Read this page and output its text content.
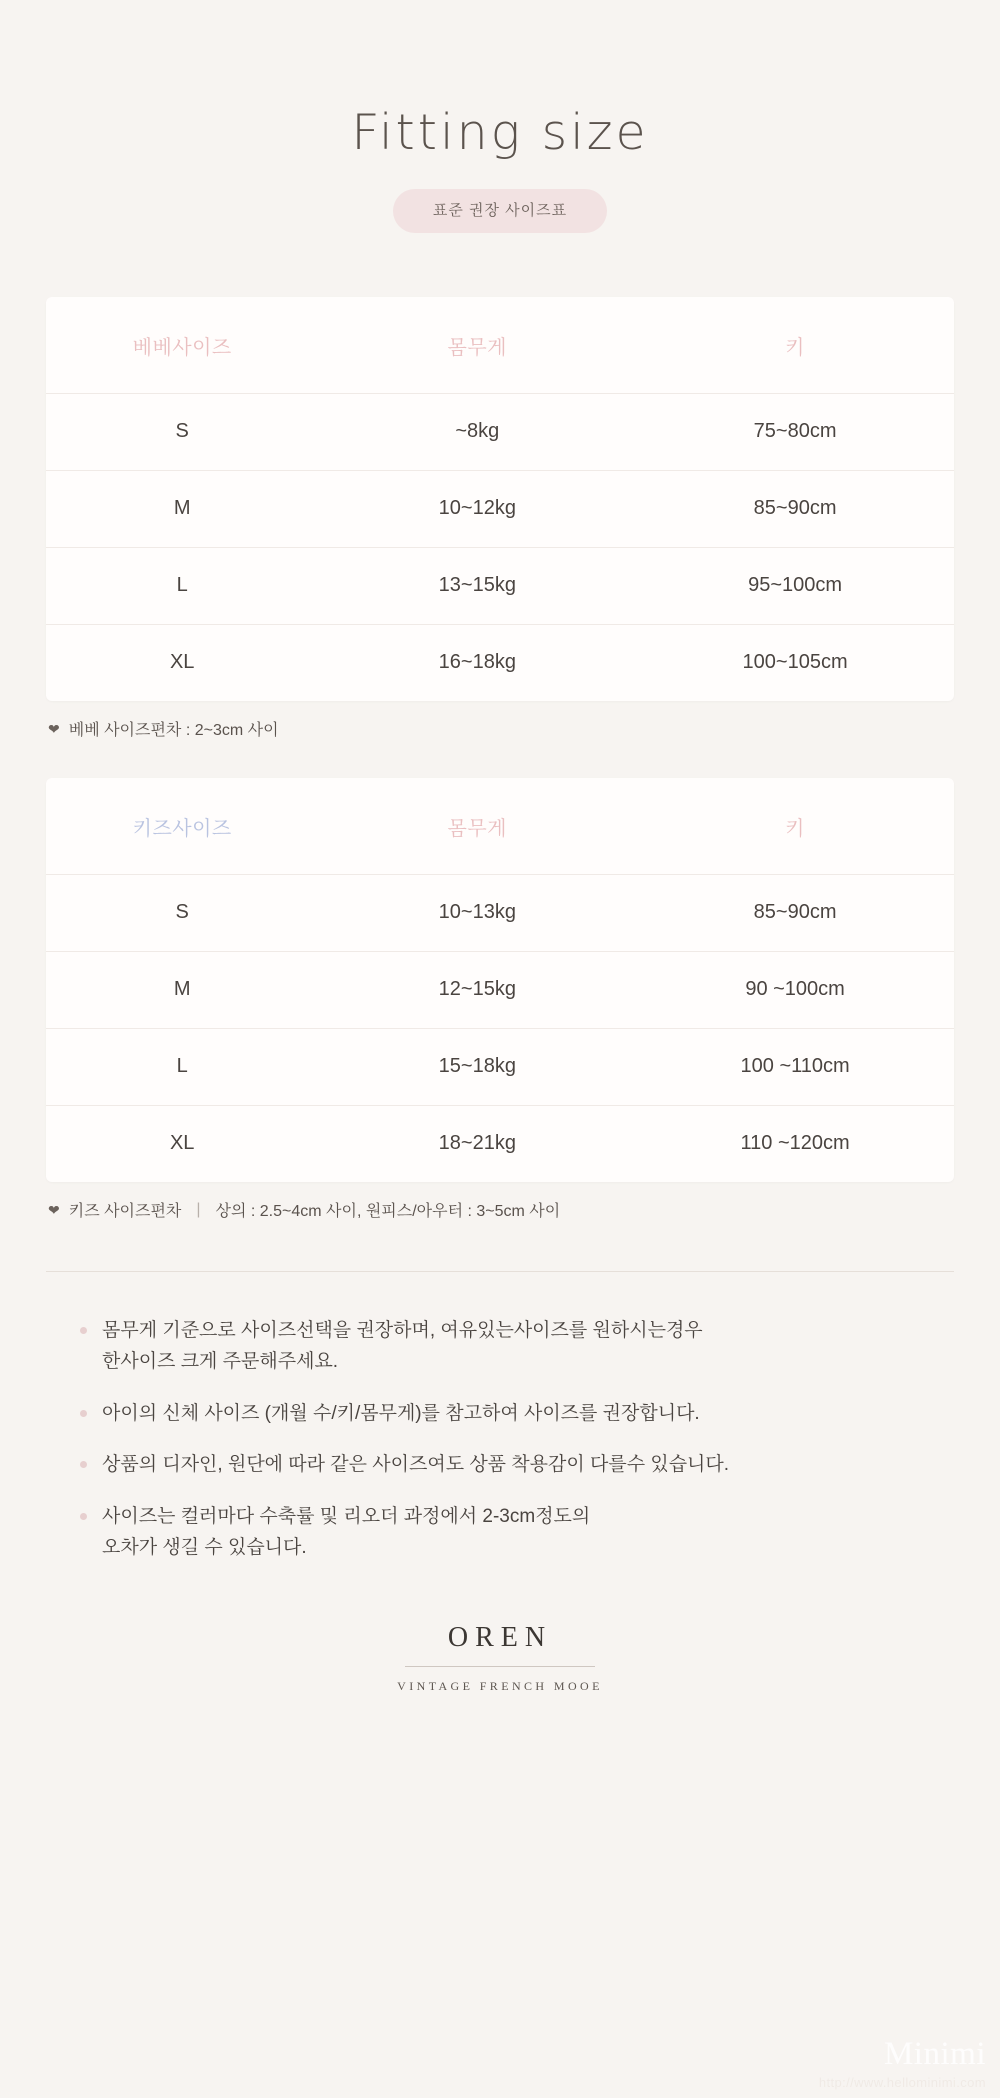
Fitting size
표준 권장 사이즈표
베베사이즈	몸무게	키
S	~8kg	75~80cm
M	10~12kg	85~90cm
L	13~15kg	95~100cm
XL	16~18kg	100~105cm
❤ 베베 사이즈편차 : 2~3cm 사이
키즈사이즈	몸무게	키
S	10~13kg	85~90cm
M	12~15kg	90 ~100cm
L	15~18kg	100 ~110cm
XL	18~21kg	110 ~120cm
❤ 키즈 사이즈편차 | 상의 : 2.5~4cm 사이, 원피스/아우터 : 3~5cm 사이
몸무게 기준으로 사이즈선택을 권장하며, 여유있는사이즈를 원하시는경우
한사이즈 크게 주문해주세요.
아이의 신체 사이즈 (개월 수/키/몸무게)를 참고하여 사이즈를 권장합니다.
상품의 디자인, 원단에 따라 같은 사이즈여도 상품 착용감이 다를수 있습니다.
사이즈는 컬러마다 수축률 및 리오더 과정에서 2-3cm정도의
오차가 생길 수 있습니다.
OREN
VINTAGE FRENCH MOOE
Minimi
http://www.hellominimi.com
